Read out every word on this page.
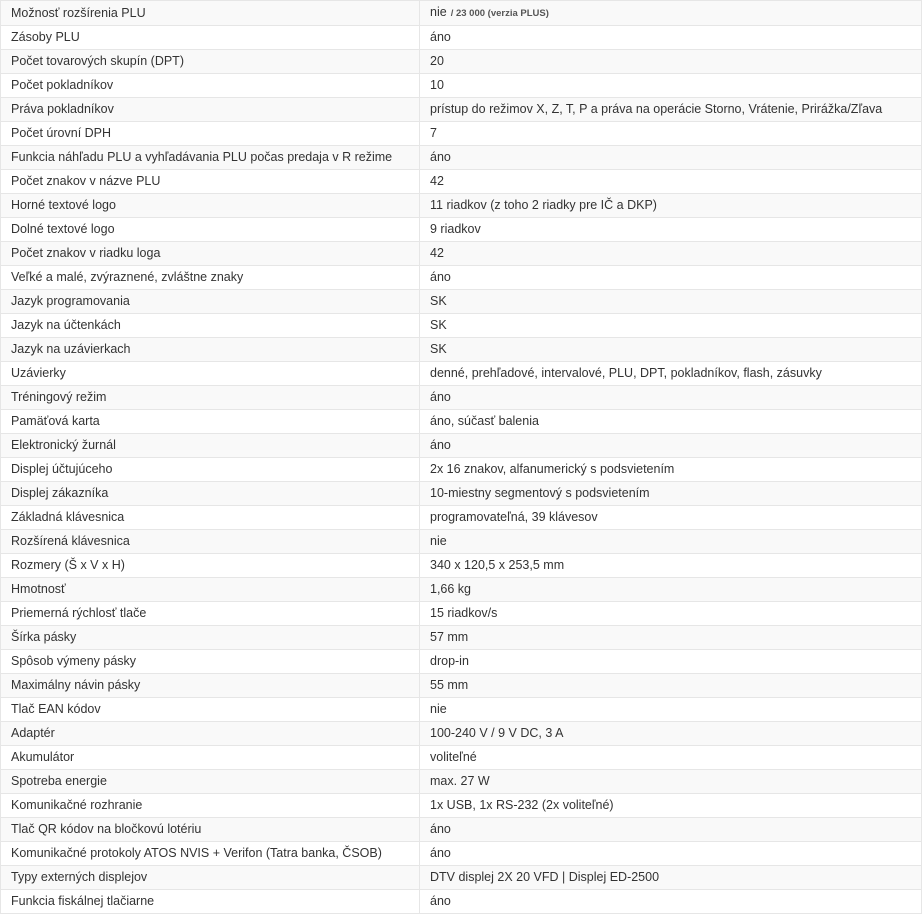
Možnosť rozšírenia PLU	nie / 23 000 (verzia PLUS)
Zásoby PLU	áno
Počet tovarových skupín (DPT)	20
Počet pokladníkov	10
Práva pokladníkov	prístup do režimov X, Z, T, P a práva na operácie Storno, Vrátenie, Prirážka/Zľava
Počet úrovní DPH	7
Funkcia náhľadu PLU a vyhľadávania PLU počas predaja v R režime	áno
Počet znakov v názve PLU	42
Horné textové logo	11 riadkov (z toho 2 riadky pre IČ a DKP)
Dolné textové logo	9 riadkov
Počet znakov v riadku loga	42
Veľké a malé, zvýraznené, zvláštne znaky	áno
Jazyk programovania	SK
Jazyk na účtenkách	SK
Jazyk na uzávierkach	SK
Uzávierky	denné, prehľadové, intervalové, PLU, DPT, pokladníkov, flash, zásuvky
Tréningový režim	áno
Pamäťová karta	áno, súčasť balenia
Elektronický žurnál	áno
Displej účtujúceho	2x 16 znakov, alfanumerický s podsvietením
Displej zákazníka	10-miestny segmentový s podsvietením
Základná klávesnica	programovateľná, 39 klávesov
Rozšírená klávesnica	nie
Rozmery (Š x V x H)	340 x 120,5 x 253,5 mm
Hmotnosť	1,66 kg
Priemerná rýchlosť tlače	15 riadkov/s
Šírka pásky	57 mm
Spôsob výmeny pásky	drop-in
Maximálny návin pásky	55 mm
Tlač EAN kódov	nie
Adaptér	100-240 V / 9 V DC, 3 A
Akumulátor	voliteľné
Spotreba energie	max. 27 W
Komunikačné rozhranie	1x USB, 1x RS-232 (2x voliteľné)
Tlač QR kódov na bločkovú lotériu	áno
Komunikačné protokoly ATOS NVIS + Verifon (Tatra banka, ČSOB)	áno
Typy externých displejov	DTV displej 2X 20 VFD | Displej ED-2500
Funkcia fiskálnej tlačiarne	áno
